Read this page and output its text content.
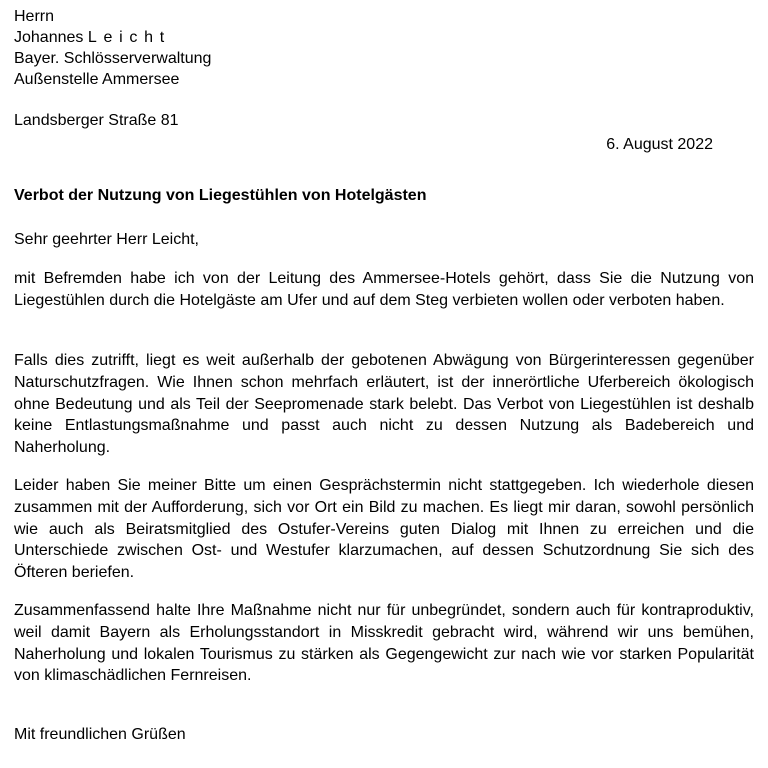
Herrn
Johannes Leicht
Bayer. Schlösserverwaltung
Außenstelle Ammersee
Landsberger Straße 81
6. August 2022
Verbot der Nutzung von Liegestühlen von Hotelgästen
Sehr geehrter Herr Leicht,

mit Befremden habe ich von der Leitung des Ammersee-Hotels gehört, dass Sie die Nutzung von Liegestühlen durch die Hotelgäste am Ufer und auf dem Steg verbieten wollen oder verboten haben.

Falls dies zutrifft, liegt es weit außerhalb der gebotenen Abwägung von Bürgerinteressen gegenüber Naturschutzfragen. Wie Ihnen schon mehrfach erläutert, ist der innerörtliche Uferbereich ökologisch ohne Bedeutung und als Teil der Seepromenade stark belebt. Das Verbot von Liegestühlen ist deshalb keine Entlastungsmaßnahme und passt auch nicht zu dessen Nutzung als Badebereich und Naherholung.

Leider haben Sie meiner Bitte um einen Gesprächstermin nicht stattgegeben. Ich wiederhole diesen zusammen mit der Aufforderung, sich vor Ort ein Bild zu machen. Es liegt mir daran, sowohl persönlich wie auch als Beiratsmitglied des Ostufer-Vereins guten Dialog mit Ihnen zu erreichen und die Unterschiede zwischen Ost- und Westufer klarzumachen, auf dessen Schutzordnung Sie sich des Öfteren beriefen.

Zusammenfassend halte Ihre Maßnahme nicht nur für unbegründet, sondern auch für kontraproduktiv, weil damit Bayern als Erholungsstandort in Misskredit gebracht wird, während wir uns bemühen, Naherholung und lokalen Tourismus zu stärken als Gegengewicht zur nach wie vor starken Popularität von klimaschädlichen Fernreisen.

Mit freundlichen Grüßen
